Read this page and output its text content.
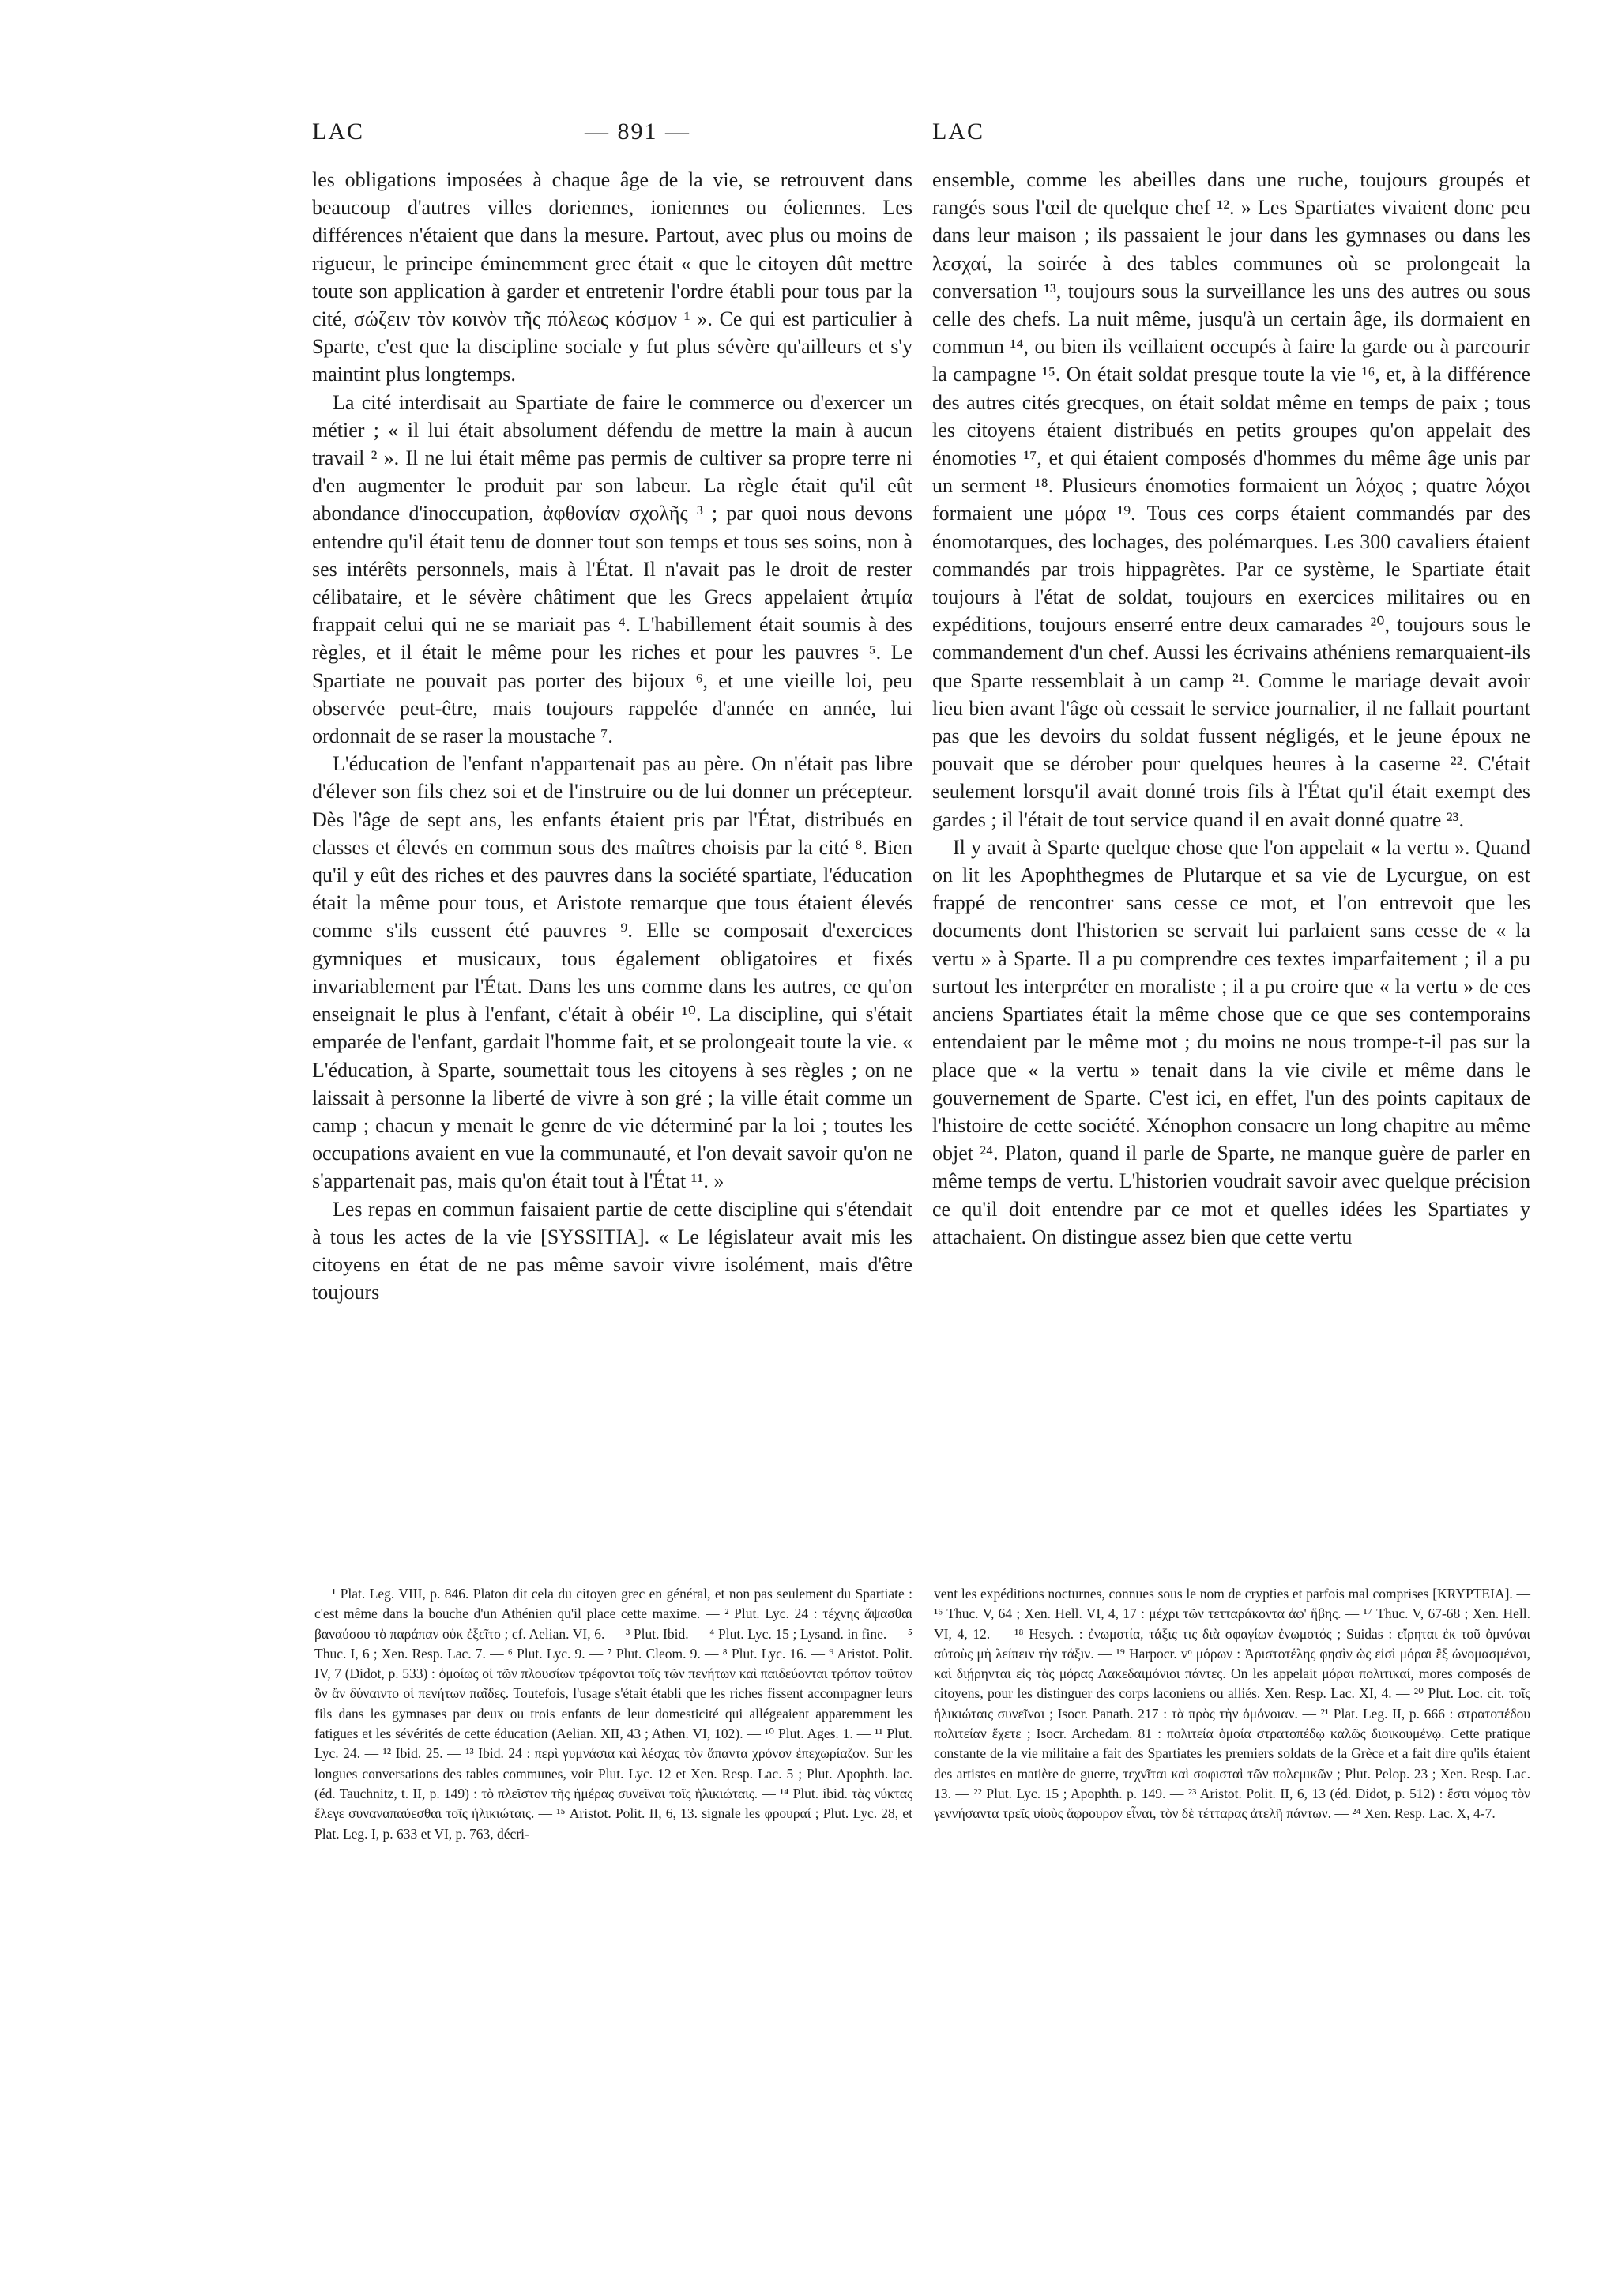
LAC	— 891 —	LAC

les obligations imposées à chaque âge de la vie, se retrouvent dans beaucoup d'autres villes doriennes, ioniennes ou éoliennes. Les différences n'étaient que dans la mesure. Partout, avec plus ou moins de rigueur, le principe éminemment grec était « que le citoyen dût mettre toute son application à garder et entretenir l'ordre établi pour tous par la cité, σώζειν τὸν κοινὸν τῆς πόλεως κόσμον ¹ ». Ce qui est particulier à Sparte, c'est que la discipline sociale y fut plus sévère qu'ailleurs et s'y maintint plus longtemps.

La cité interdisait au Spartiate de faire le commerce ou d'exercer un métier ; « il lui était absolument défendu de mettre la main à aucun travail ² ». Il ne lui était même pas permis de cultiver sa propre terre ni d'en augmenter le produit par son labeur. La règle était qu'il eût abondance d'inoccupation, ἀφθονίαν σχολῆς ³ ; par quoi nous devons entendre qu'il était tenu de donner tout son temps et tous ses soins, non à ses intérêts personnels, mais à l'État. Il n'avait pas le droit de rester célibataire, et le sévère châtiment que les Grecs appelaient ἀτιμία frappait celui qui ne se mariait pas ⁴. L'habillement était soumis à des règles, et il était le même pour les riches et pour les pauvres ⁵. Le Spartiate ne pouvait pas porter des bijoux ⁶, et une vieille loi, peu observée peut-être, mais toujours rappelée d'année en année, lui ordonnait de se raser la moustache ⁷.

L'éducation de l'enfant n'appartenait pas au père. On n'était pas libre d'élever son fils chez soi et de l'instruire ou de lui donner un précepteur. Dès l'âge de sept ans, les enfants étaient pris par l'État, distribués en classes et élevés en commun sous des maîtres choisis par la cité ⁸. Bien qu'il y eût des riches et des pauvres dans la société spartiate, l'éducation était la même pour tous, et Aristote remarque que tous étaient élevés comme s'ils eussent été pauvres ⁹. Elle se composait d'exercices gymniques et musicaux, tous également obligatoires et fixés invariablement par l'État. Dans les uns comme dans les autres, ce qu'on enseignait le plus à l'enfant, c'était à obéir ¹⁰. La discipline, qui s'était emparée de l'enfant, gardait l'homme fait, et se prolongeait toute la vie. « L'éducation, à Sparte, soumettait tous les citoyens à ses règles ; on ne laissait à personne la liberté de vivre à son gré ; la ville était comme un camp ; chacun y menait le genre de vie déterminé par la loi ; toutes les occupations avaient en vue la communauté, et l'on devait savoir qu'on ne s'appartenait pas, mais qu'on était tout à l'État ¹¹. »

Les repas en commun faisaient partie de cette discipline qui s'étendait à tous les actes de la vie [SYSSITIA]. « Le législateur avait mis les citoyens en état de ne pas même savoir vivre isolément, mais d'être toujours

ensemble, comme les abeilles dans une ruche, toujours groupés et rangés sous l'œil de quelque chef ¹². » Les Spartiates vivaient donc peu dans leur maison ; ils passaient le jour dans les gymnases ou dans les λεσχαί, la soirée à des tables communes où se prolongeait la conversation ¹³, toujours sous la surveillance les uns des autres ou sous celle des chefs. La nuit même, jusqu'à un certain âge, ils dormaient en commun ¹⁴, ou bien ils veillaient occupés à faire la garde ou à parcourir la campagne ¹⁵. On était soldat presque toute la vie ¹⁶, et, à la différence des autres cités grecques, on était soldat même en temps de paix ; tous les citoyens étaient distribués en petits groupes qu'on appelait des énomoties ¹⁷, et qui étaient composés d'hommes du même âge unis par un serment ¹⁸. Plusieurs énomoties formaient un λόχος ; quatre λόχοι formaient une μόρα ¹⁹. Tous ces corps étaient commandés par des énomotarques, des lochages, des polémarques. Les 300 cavaliers étaient commandés par trois hippagrètes. Par ce système, le Spartiate était toujours à l'état de soldat, toujours en exercices militaires ou en expéditions, toujours enserré entre deux camarades ²⁰, toujours sous le commandement d'un chef. Aussi les écrivains athéniens remarquaient-ils que Sparte ressemblait à un camp ²¹. Comme le mariage devait avoir lieu bien avant l'âge où cessait le service journalier, il ne fallait pourtant pas que les devoirs du soldat fussent négligés, et le jeune époux ne pouvait que se dérober pour quelques heures à la caserne ²². C'était seulement lorsqu'il avait donné trois fils à l'État qu'il était exempt des gardes ; il l'était de tout service quand il en avait donné quatre ²³.

Il y avait à Sparte quelque chose que l'on appelait « la vertu ». Quand on lit les Apophthegmes de Plutarque et sa vie de Lycurgue, on est frappé de rencontrer sans cesse ce mot, et l'on entrevoit que les documents dont l'historien se servait lui parlaient sans cesse de « la vertu » à Sparte. Il a pu comprendre ces textes imparfaitement ; il a pu surtout les interpréter en moraliste ; il a pu croire que « la vertu » de ces anciens Spartiates était la même chose que ce que ses contemporains entendaient par le même mot ; du moins ne nous trompe-t-il pas sur la place que « la vertu » tenait dans la vie civile et même dans le gouvernement de Sparte. C'est ici, en effet, l'un des points capitaux de l'histoire de cette société. Xénophon consacre un long chapitre au même objet ²⁴. Platon, quand il parle de Sparte, ne manque guère de parler en même temps de vertu. L'historien voudrait savoir avec quelque précision ce qu'il doit entendre par ce mot et quelles idées les Spartiates y attachaient. On distingue assez bien que cette vertu

¹ Plat. Leg. VIII, p. 846. Platon dit cela du citoyen grec en général, et non pas seulement du Spartiate : c'est même dans la bouche d'un Athénien qu'il place cette maxime. — ² Plut. Lyc. 24 : τέχνης ἅψασθαι βαναύσου τὸ παράπαν οὐκ ἐξεῖτο ; cf. Aelian. VI, 6. — ³ Plut. Ibid. — ⁴ Plut. Lyc. 15 ; Lysand. in fine. — ⁵ Thuc. I, 6 ; Xen. Resp. Lac. 7. — ⁶ Plut. Lyc. 9. — ⁷ Plut. Cleom. 9. — ⁸ Plut. Lyc. 16. — ⁹ Aristot. Polit. IV, 7 (Didot, p. 533) : ὁμοίως οἱ τῶν πλουσίων τρέφονται τοῖς τῶν πενήτων καὶ παιδεύονται τρόπον τοῦτον ὃν ἂν δύναιντο οἱ πενήτων παῖδες. Toutefois, l'usage s'était établi que les riches fissent accompagner leurs fils dans les gymnases par deux ou trois enfants de leur domesticité qui allégeaient apparemment les fatigues et les sévérités de cette éducation (Aelian. XII, 43 ; Athen. VI, 102). — ¹⁰ Plut. Ages. 1. — ¹¹ Plut. Lyc. 24. — ¹² Ibid. 25. — ¹³ Ibid. 24 : περὶ γυμνάσια καὶ λέσχας τὸν ἅπαντα χρόνον ἐπεχωρίαζον. Sur les longues conversations des tables communes, voir Plut. Lyc. 12 et Xen. Resp. Lac. 5 ; Plut. Apophth. lac. (éd. Tauchnitz, t. II, p. 149) : τὸ πλεῖστον τῆς ἡμέρας συνεῖναι τοῖς ἡλικιώταις. — ¹⁴ Plut. ibid. τὰς νύκτας ἔλεγε συναναπαύεσθαι τοῖς ἡλικιώταις. — ¹⁵ Aristot. Polit. II, 6, 13. signale les φρουραί ; Plut. Lyc. 28, et Plat. Leg. I, p. 633 et VI, p. 763, décri-
vent les expéditions nocturnes, connues sous le nom de crypties et parfois mal comprises [KRYPTEIA]. — ¹⁶ Thuc. V, 64 ; Xen. Hell. VI, 4, 17 : μέχρι τῶν τετταράκοντα ἀφ' ἥβης. — ¹⁷ Thuc. V, 67-68 ; Xen. Hell. VI, 4, 12. — ¹⁸ Hesych. : ἐνωμοτία, τάξις τις διὰ σφαγίων ἐνωμοτός ; Suidas : εἴρηται ἐκ τοῦ ὀμνύναι αὐτοὺς μὴ λείπειν τὴν τάξιν. — ¹⁹ Harpocr. vᵒ μόρων : Ἀριστοτέλης φησὶν ὡς εἰσὶ μόραι ἓξ ὠνομασμέναι, καὶ διῄρηνται εἰς τὰς μόρας Λακεδαιμόνιοι πάντες. On les appelait μόραι πολιτικαί, mores composés de citoyens, pour les distinguer des corps laconiens ou alliés. Xen. Resp. Lac. XI, 4. — ²⁰ Plut. Loc. cit. τοῖς ἡλικιώταις συνεῖναι ; Isocr. Panath. 217 : τὰ πρὸς τὴν ὁμόνοιαν. — ²¹ Plat. Leg. II, p. 666 : στρατοπέδου πολιτείαν ἔχετε ; Isocr. Archedam. 81 : πολιτεία ὁμοία στρατοπέδῳ καλῶς διοικουμένῳ. Cette pratique constante de la vie militaire a fait des Spartiates les premiers soldats de la Grèce et a fait dire qu'ils étaient des artistes en matière de guerre, τεχνῖται καὶ σοφισταὶ τῶν πολεμικῶν ; Plut. Pelop. 23 ; Xen. Resp. Lac. 13. — ²² Plut. Lyc. 15 ; Apophth. p. 149. — ²³ Aristot. Polit. II, 6, 13 (éd. Didot, p. 512) : ἔστι νόμος τὸν γεννήσαντα τρεῖς υἱοὺς ἄφρουρον εἶναι, τὸν δὲ τέτταρας ἀτελῆ πάντων. — ²⁴ Xen. Resp. Lac. X, 4-7.
